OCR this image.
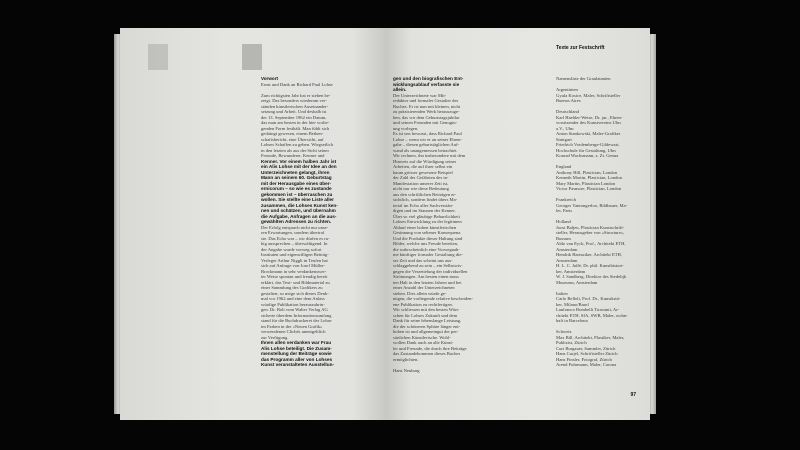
Vorwort

Ernst und Dank an Richard Paul Lohse

Zum richtigsten Jahr hat er stehen be-

zeigt. Das besonders wiederum ver-

ständen künstlerischen Auseinander-

setzung und Arbeit. Und deshalb ist

der 13. September 1962 ein Datum,

das man am besten in der hier vorlie-

genden Form festhält. Man fühlt sich

gedrängt gewesen, einem Bethen-

schaftsbericht, eine Übersicht, auf

Lohses Schaffen zu geben. Wiegsetlich

in den letzten als aus der Sicht seiner

Freunde, Bewunderer, Kenner und

Kenner. Vor einem halben Jahr ist

ein Alis Lohse mit der Idee an den

Unterzeichneten gelangt, ihren

Mann an seinem 60. Geburtstag

mit der Herausgabe eines über-

ernicorum – so wie es zustande

gekommen ist – überraschen zu

wollen. Sie stellte eine Liste aller

zusammen, die Lohses Kunst ken-

nen und schätzen, und übernahm

die Aufgabe, Anfragen an die aus-

gewählten Adressen zu richten.

Der Erfolg entsprach nicht nur unse-

ren Erwartungen, sondern übertraf

sie. Das Echo war – wir dürfen es ru-

hig aussprechen – überwältigend. In

der Angabe wurde vorweg sofort

Instituten und eigenwilligen Beiträg-

Verleger Arthur Niggli in Teufen hat

sich auf Anfrage von Josef Müller-

Brockmann in sehr verdankenswer-

ter Weise spontan und freudig bereit

erklärt, das Text- und Bildmaterial zu

einer Sammlung des Grafikers zu

gestalten; so möge sich dieses Denk-

mal vor 1962 und eine dem Anlass

würdige Publikation herauszubrin-

gen. Dr. Bolt vom Walter Verlag AG

sicherte überdem Informationsumfang

stand für die Buchdruckerei der Lohse

im Farben in der «Neuen Grafik»

verwendenen Clichés unentgeltlich

zur Verfügung.

Ihnen allen verdanken war Frau

Alis Lohse beteiligt. Die Zusam-

menstellung der Beiträge sowie

das Programm aller von Lohses

Kunst veranstalteten Ausstellun-

gen und den biografischen Ent-

wicklungsablauf verfasste sie

allein.

Der Unterzeichnete war Mit-

redaktor und formaler Gestalter des

Buches. Er ist nun mit kleinen, nicht

zu präzisierenden Werk herauszuge-

ben, das wir dem Geburtstagsjubilar

und seinen Freunden mit Genugtu-

ung vorlegen.

Es ist uns bewusst, dass Richard Paul

Lohse – wenn wir er an seiner Ehren-

gabe – diesen geburtstäglichen Auf-

wand als unangemessen betrachtet.

Wir rechnen, ihn insbesondere mit dem

Hinweis auf die Würdigung seiner

Arbeiten, die auf ihrer selbst ein

kaum grösser gewesene Beispiel

der Zahl der Gefährten des in-

Manifestation unserer Zeit ist,

nicht nur wie diese Bedeutung

aus den schriftlichen Beiträgen er-

sichtlich, sondern findet übers Ma-

terial im Echo aller Sachverstän-

digen und im Staunen der Kenner.

Über so viel gläubige Beharrlichkeit

Lohses Entwicklung zu der legitimen

Ablauf einer hohen künstlerischen

Gesinnung von seltener Konsequenz.

Und die Produkte dieser Haltung sind

Bilder, welche uns Freude bereiten,

die wahrscheinlich eine Vorwegnah-

me künftiger formaler Gestaltung die-

ser Zeit und das scheint uns aus-

schlaggebend zu sein – ein Selbstwis-

gegen die Verzettelung der individuellen

Strömungen. Am besten einen muss

ten Halt in den letzten Jahren und bei

einer Anzahl der Unterzeichneten

stehen. Dies allein würde ge-

nügen, die vorliegende relative bescheiden-

ene Publikation zu rechtfertigen.

Wir schliessen mit den besten Wün-

schen für Lohses Zukunft und dem

Dank für seine lebenslange Leistung,

die der schöneren Sphäre länger ent-

hoben ist und allgemeingut der per-

sönlichen Künstlerische. Wohl-

wollen Dank auch an alle Künst-

ler und Freunde, die durch ihre Beiträge

das Zustandekommen dieses Buches

ermöglichten.

Hans Neuburg

Texte zur Festschrift

Namensliste der Graulatanten

Argentinien

Gyula Kosice, Maler, Schriftsteller

Buenos Aires

Deutschland

Karl Haehler-Weise, Dr. jur., Ehren-

vorsitzender des Kunstvereins Ulm

a.V., Ulm

Anton Stankowski, Maler-Grafiker

Stuttgart

Friedrich Vordemberge-Gildewart,

Hochschule für Gestaltung, Ulm

Konrad Wachsmann, z. Zt. Genua

England

Anthony Hill, Plastician, London

Kenneth Martin, Plastician, London

Mary Martin, Plastician London

Victor Pasmore, Plastician, London

Frankreich

Georges Vantongerloo, Bildhauer, Ma-

ler, Paris

Holland

Joost Baljeu, Plastician Kunstschrift-

steller, Herausgeber von «Structure»,

Bussum

Aldo van Eyck, Prof., Architekt ETH,

Amsterdam

Hendrik Hartsuiker, Architekt ETH,

Amsterdam

H. L. C. Jaffé, Dr. phil. Kunsthistori-

ker, Amsterdam

W. J. Sandberg, Direktor des Stedelijk

Museums, Amsterdam

Italien

Carlo Belloli, Prof. Dr., Kunstkriti-

ker, Milano/Basel

Lanfranco Bombelli Tiravanti, Ar-

chitekt ETH, SIA, SWB, Maler, wohn-

haft in Barcelona

Schweiz

Max Bill, Architekt, Plastiker, Maler,

Publizist, Zürich

Curt Burgauer, Sammler, Zürich

Hans Curjel, Schriftsteller Zürich

Hans Finsler, Fotograf, Zürich

Arend Fuhrmann, Maler, Carona

97
